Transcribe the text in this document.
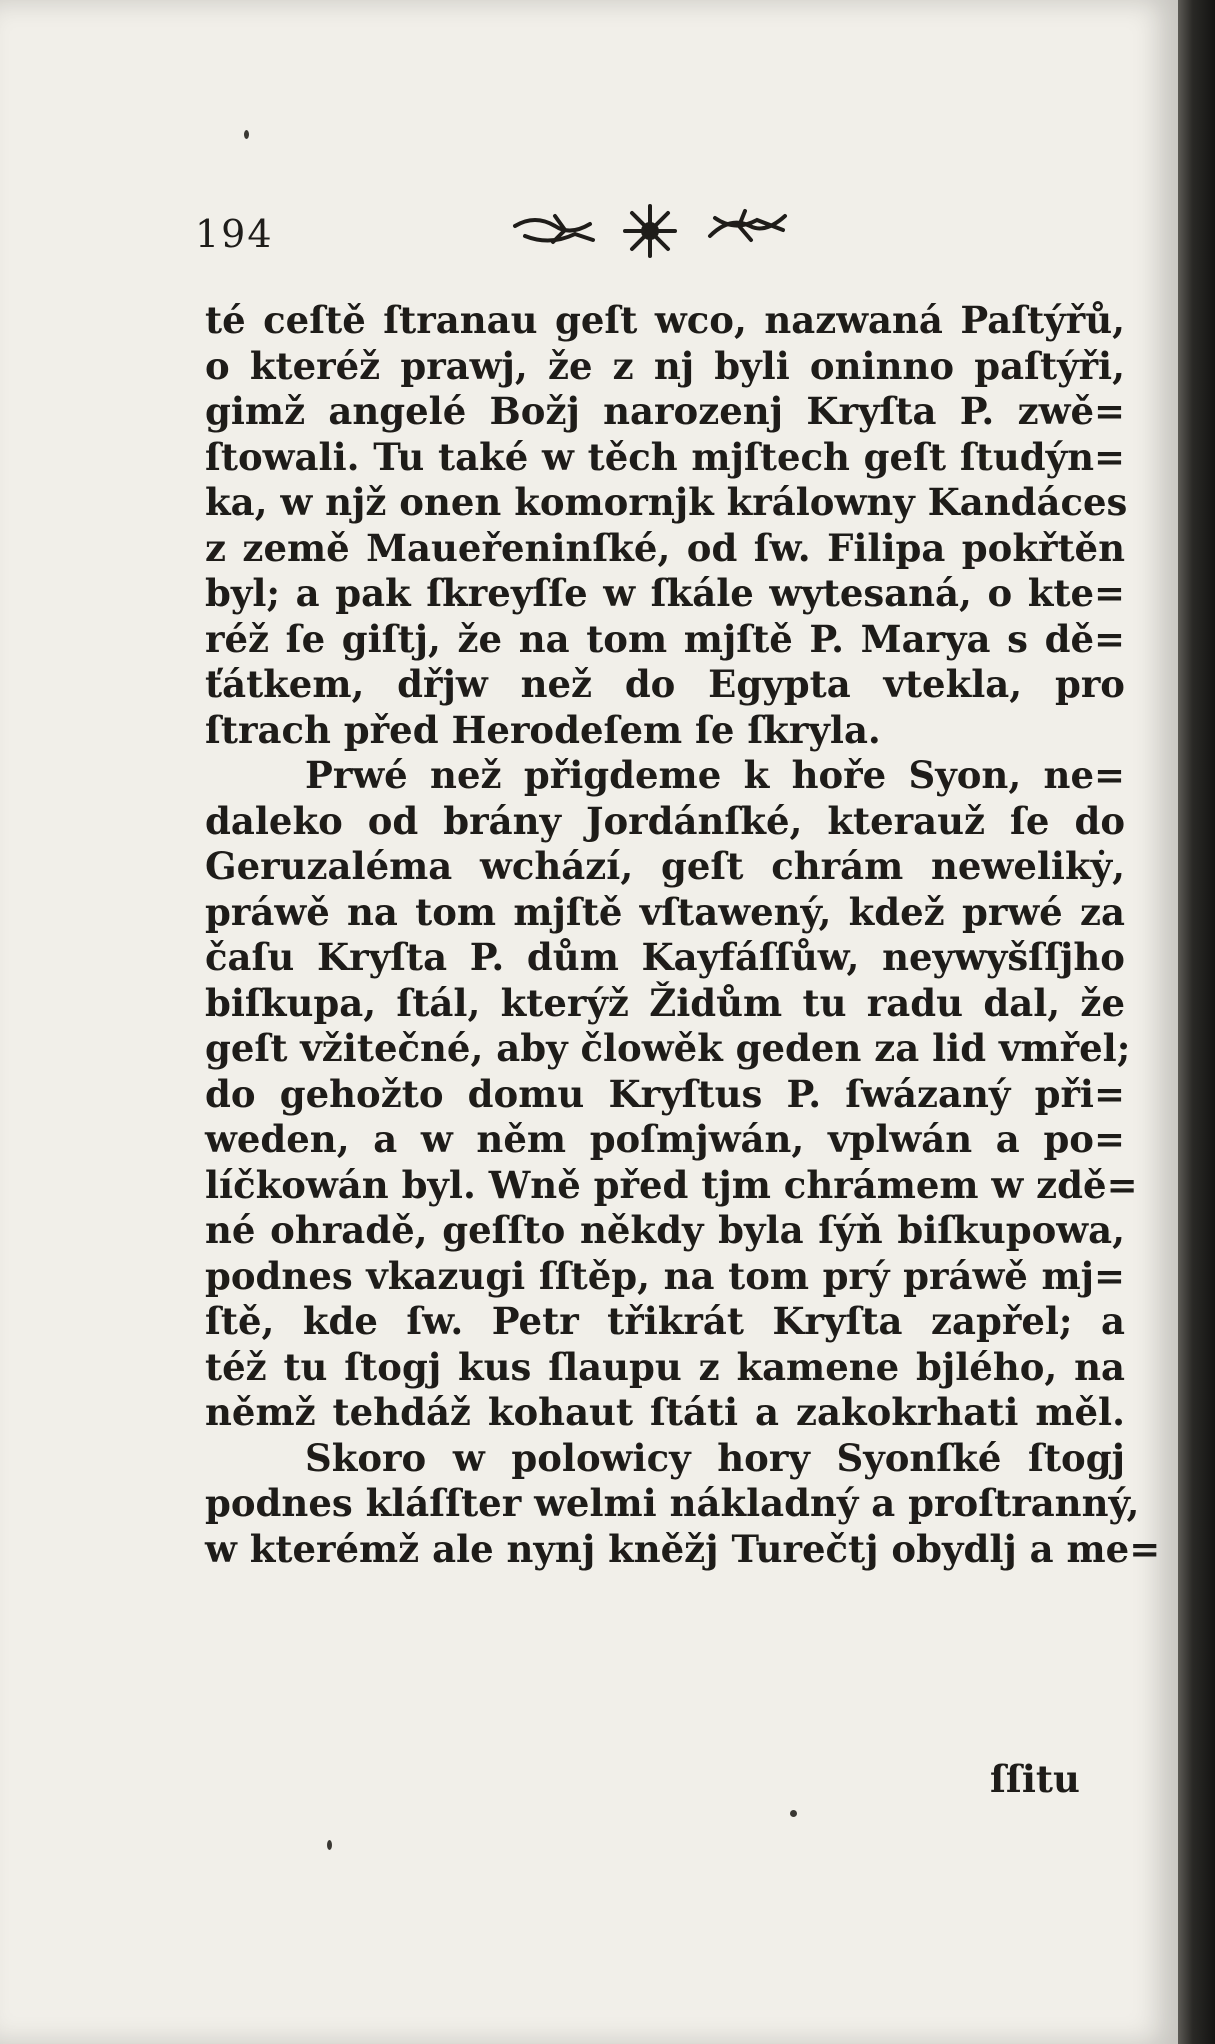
194
té ceſtě ſtranau geſt wco, nazwaná Paſtýřů,
o kteréž prawj, že z nj byli oninno paſtýři,
gimž angelé Božj narozenj Kryſta P. zwě=
ſtowali. Tu také w těch mjſtech geſt ſtudýn=
ka, w njž onen komornjk králowny Kandáces
z země Maueřeninſké, od ſw. Filipa pokřtěn
byl; a pak ſkreyſſe w ſkále wytesaná, o kte=
réž ſe giſtj, že na tom mjſtě P. Marya s dě=
ťátkem, dřjw než do Egypta vtekla, pro
ſtrach před Herodeſem ſe ſkryla.
Prwé než přigdeme k hoře Syon, ne=
daleko od brány Jordánſké, kterauž ſe do
Geruzaléma wchází, geſt chrám newelikẏ,
práwě na tom mjſtě vſtawený, kdež prwé za
čaſu Kryſta P. dům Kayfáſſůw, neywyšſſjho
biſkupa, ſtál, kterýž Židům tu radu dal, že
geſt vžitečné, aby člowěk geden za lid vmřel;
do gehožto domu Kryſtus P. ſwázaný při=
weden, a w něm poſmjwán, vplwán a po=
líčkowán byl. Wně před tjm chrámem w zdě=
né ohradě, geſſto někdy byla ſýň biſkupowa,
podnes vkazugi ſſtěp, na tom prý práwě mj=
ſtě, kde ſw. Petr třikrát Kryſta zapřel; a
též tu ſtogj kus ſlaupu z kamene bjlého, na
němž tehdáž kohaut ſtáti a zakokrhati měl.
Skoro w polowicy hory Syonſké ſtogj
podnes kláſſter welmi nákladný a proſtranný,
w kterémž ale nynj kněžj Turečtj obydlj a me=
ſſitu
